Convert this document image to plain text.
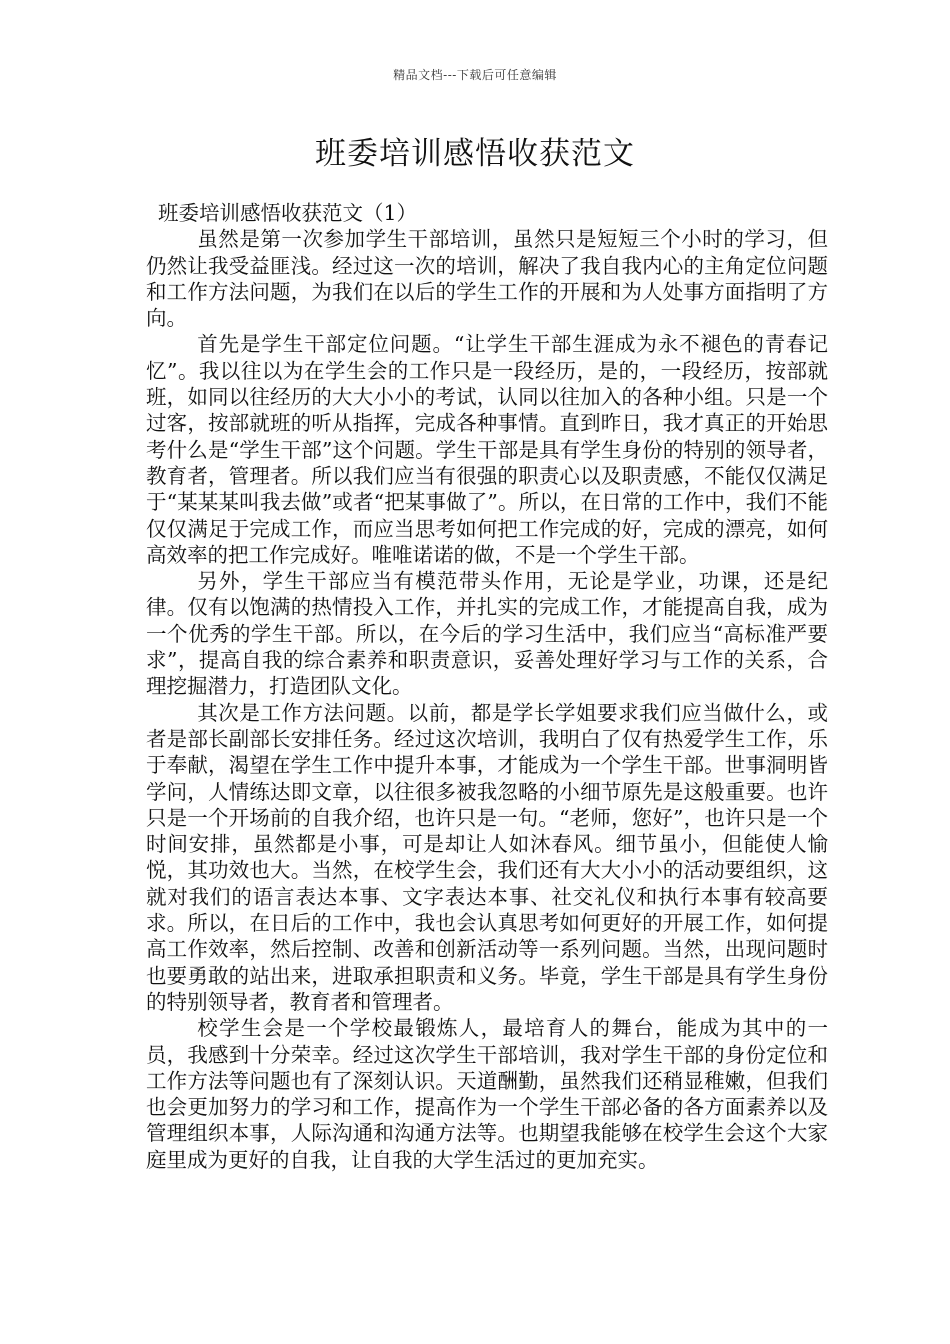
精品文档---下载后可任意编辑
班委培训感悟收获范文

班委培训感悟收获范文（1）

虽然是第一次参加学生干部培训，虽然只是短短三个小时的学习，但仍然让我受益匪浅。经过这一次的培训，解决了我自我内心的主角定位问题和工作方法问题，为我们在以后的学生工作的开展和为人处事方面指明了方向。

首先是学生干部定位问题。“让学生干部生涯成为永不褪色的青春记忆”。我以往以为在学生会的工作只是一段经历，是的，一段经历，按部就班，如同以往经历的大大小小的考试，认同以往加入的各种小组。只是一个过客，按部就班的听从指挥，完成各种事情。直到昨日，我才真正的开始思考什么是“学生干部”这个问题。学生干部是具有学生身份的特别的领导者，教育者，管理者。所以我们应当有很强的职责心以及职责感，不能仅仅满足于“某某某叫我去做”或者“把某事做了”。所以，在日常的工作中，我们不能仅仅满足于完成工作，而应当思考如何把工作完成的好，完成的漂亮，如何高效率的把工作完成好。唯唯诺诺的做，不是一个学生干部。

另外，学生干部应当有模范带头作用，无论是学业，功课，还是纪律。仅有以饱满的热情投入工作，并扎实的完成工作，才能提高自我，成为一个优秀的学生干部。所以，在今后的学习生活中，我们应当“高标准严要求”，提高自我的综合素养和职责意识，妥善处理好学习与工作的关系，合理挖掘潜力，打造团队文化。

其次是工作方法问题。以前，都是学长学姐要求我们应当做什么，或者是部长副部长安排任务。经过这次培训，我明白了仅有热爱学生工作，乐于奉献，渴望在学生工作中提升本事，才能成为一个学生干部。世事洞明皆学问，人情练达即文章，以往很多被我忽略的小细节原先是这般重要。也许只是一个开场前的自我介绍，也许只是一句。“老师，您好”，也许只是一个时间安排，虽然都是小事，可是却让人如沐春风。细节虽小，但能使人愉悦，其功效也大。当然，在校学生会，我们还有大大小小的活动要组织，这就对我们的语言表达本事、文字表达本事、社交礼仪和执行本事有较高要求。所以，在日后的工作中，我也会认真思考如何更好的开展工作，如何提高工作效率，然后控制、改善和创新活动等一系列问题。当然，出现问题时也要勇敢的站出来，进取承担职责和义务。毕竟，学生干部是具有学生身份的特别领导者，教育者和管理者。

校学生会是一个学校最锻炼人，最培育人的舞台，能成为其中的一员，我感到十分荣幸。经过这次学生干部培训，我对学生干部的身份定位和工作方法等问题也有了深刻认识。天道酬勤，虽然我们还稍显稚嫩，但我们也会更加努力的学习和工作，提高作为一个学生干部必备的各方面素养以及管理组织本事，人际沟通和沟通方法等。也期望我能够在校学生会这个大家庭里成为更好的自我，让自我的大学生活过的更加充实。
